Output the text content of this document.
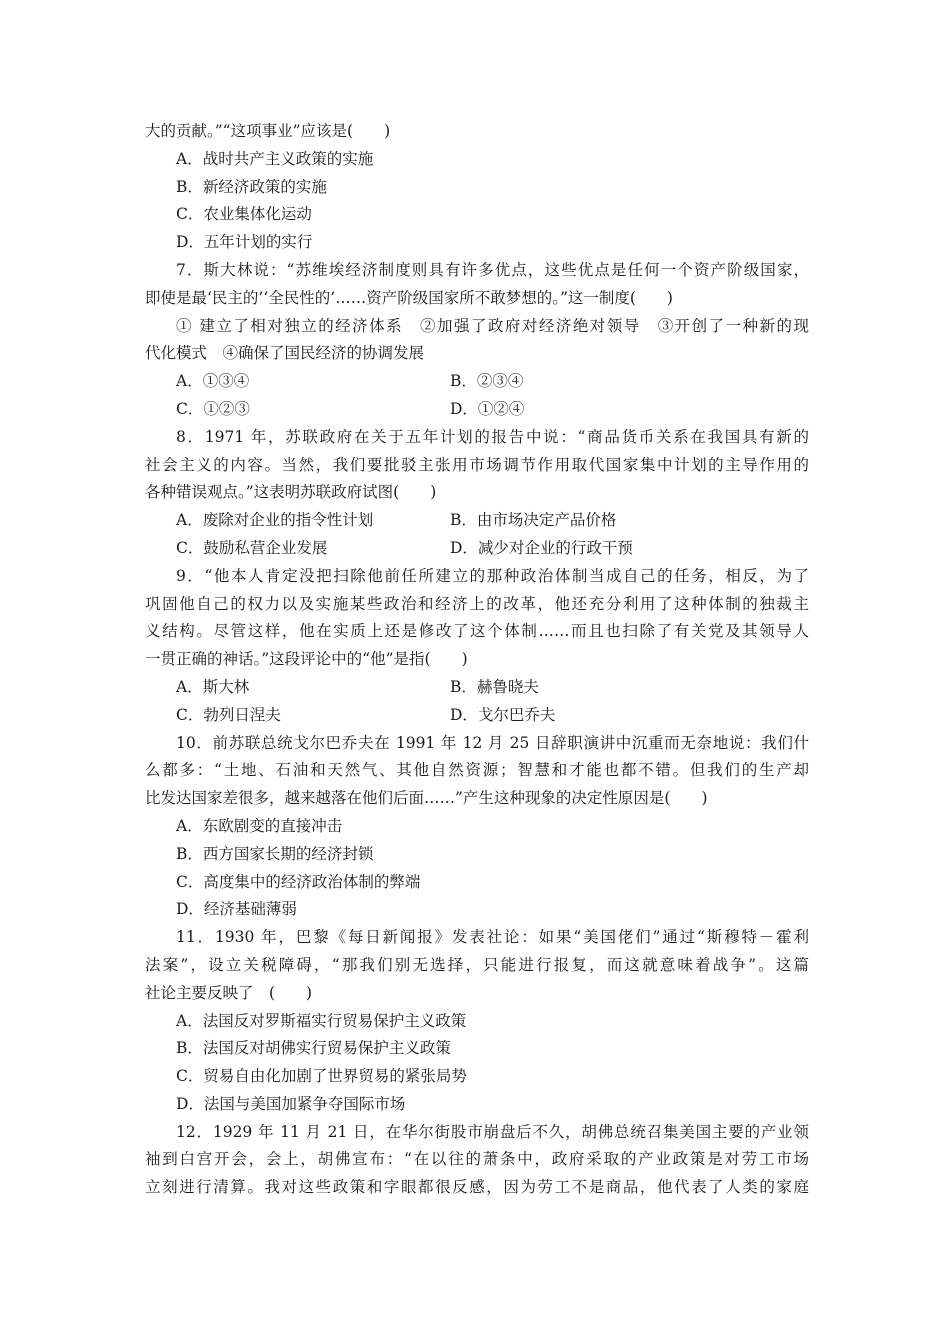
大的贡献。”“这项事业”应该是(　　)
A．战时共产主义政策的实施
B．新经济政策的实施
C．农业集体化运动
D．五年计划的实行
7．斯大林说：“苏维埃经济制度则具有许多优点，这些优点是任何一个资产阶级国家，
即使是最‘民主的’‘全民性的’……资产阶级国家所不敢梦想的。”这一制度(　　)
① 建立了相对独立的经济体系　②加强了政府对经济绝对领导　③开创了一种新的现
代化模式　④确保了国民经济的协调发展
A．①③④	B．②③④
C．①②③	D．①②④
8．1971 年，苏联政府在关于五年计划的报告中说：“商品货币关系在我国具有新的
社会主义的内容。当然，我们要批驳主张用市场调节作用取代国家集中计划的主导作用的
各种错误观点。”这表明苏联政府试图(　　)
A．废除对企业的指令性计划	B．由市场决定产品价格
C．鼓励私营企业发展	D．减少对企业的行政干预
9．“他本人肯定没把扫除他前任所建立的那种政治体制当成自己的任务，相反，为了
巩固他自己的权力以及实施某些政治和经济上的改革，他还充分利用了这种体制的独裁主
义结构。尽管这样，他在实质上还是修改了这个体制……而且也扫除了有关党及其领导人
一贯正确的神话。”这段评论中的“他”是指(　　)
A．斯大林	B．赫鲁晓夫
C．勃列日涅夫	D．戈尔巴乔夫
10．前苏联总统戈尔巴乔夫在 1991 年 12 月 25 日辞职演讲中沉重而无奈地说：我们什
么都多：“土地、石油和天然气、其他自然资源；智慧和才能也都不错。但我们的生产却
比发达国家差很多，越来越落在他们后面……”产生这种现象的决定性原因是(　　)
A．东欧剧变的直接冲击
B．西方国家长期的经济封锁
C．高度集中的经济政治体制的弊端
D．经济基础薄弱
11．1930 年，巴黎《每日新闻报》发表社论：如果“美国佬们”通过“斯穆特－霍利
法案”，设立关税障碍，“那我们别无选择，只能进行报复，而这就意味着战争”。这篇
社论主要反映了　(　　)
A．法国反对罗斯福实行贸易保护主义政策
B．法国反对胡佛实行贸易保护主义政策
C．贸易自由化加剧了世界贸易的紧张局势
D．法国与美国加紧争夺国际市场
12．1929 年 11 月 21 日，在华尔街股市崩盘后不久，胡佛总统召集美国主要的产业领
袖到白宫开会，会上，胡佛宣布：“在以往的萧条中，政府采取的产业政策是对劳工市场
立刻进行清算。我对这些政策和字眼都很反感，因为劳工不是商品，他代表了人类的家庭
